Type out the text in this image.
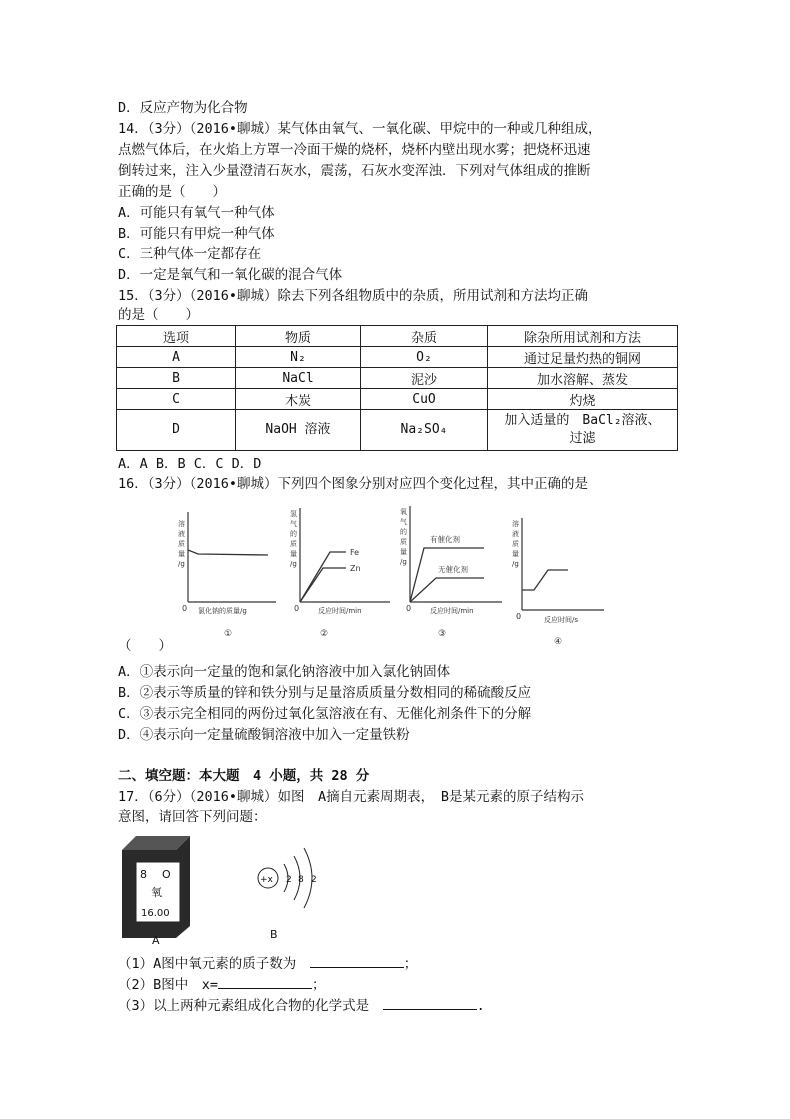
D．反应产物为化合物
14．（3分）（2016•聊城）某气体由氧气、一氧化碳、甲烷中的一种或几种组成，
点燃气体后，在火焰上方罩一冷面干燥的烧杯，烧杯内壁出现水雾；把烧杯迅速
倒转过来，注入少量澄清石灰水，震荡，石灰水变浑浊．下列对气体组成的推断
正确的是（　　）
A．可能只有氧气一种气体
B．可能只有甲烷一种气体
C．三种气体一定都存在
D．一定是氧气和一氧化碳的混合气体
15．（3分）（2016•聊城）除去下列各组物质中的杂质，所用试剂和方法均正确
的是（　　）
选项	物质	杂质	除杂所用试剂和方法
A	N₂	O₂	通过足量灼热的铜网
B	NaCl	泥沙	加水溶解、蒸发
C	木炭	CuO	灼烧
D	NaOH 溶液	Na₂SO₄	加入适量的　BaCl₂溶液、
过滤
A．A B．B C．C D．D
16．（3分）（2016•聊城）下列四个图象分别对应四个变化过程，其中正确的是
溶
液
质
量
/g
0 氯化钠的质量/g
①
氢
气
的
质
量
/g
Fe
Zn
0	反应时间/min
②
氧
气
的
质
量
/g
有催化剂
无催化剂
0	反应时间/min
③
溶
液
质
量
/g
0	反应时间/s
④
（　　）
A．①表示向一定量的饱和氯化钠溶液中加入氯化钠固体
B．②表示等质量的锌和铁分别与足量溶质质量分数相同的稀硫酸反应
C．③表示完全相同的两份过氧化氢溶液在有、无催化剂条件下的分解
D．④表示向一定量硫酸铜溶液中加入一定量铁粉
二、填空题：本大题　4 小题，共 28 分
17．（6分）（2016•聊城）如图　A摘自元素周期表，　B是某元素的原子结构示
意图，请回答下列问题：
8 O
氧
16.00
A
+x 2 8 2
B
（1）A图中氧元素的质子数为　	；
（2）B图中　x=	；
（3）以上两种元素组成化合物的化学式是　	.
